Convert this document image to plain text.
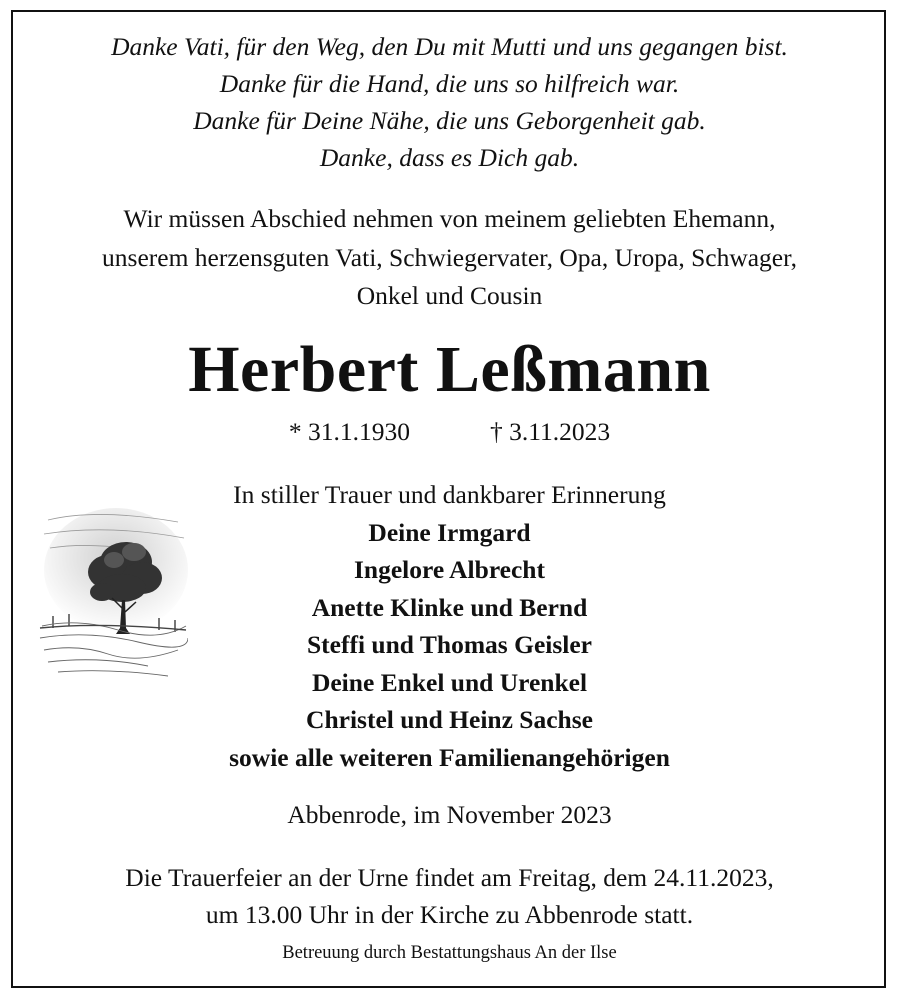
Danke Vati, für den Weg, den Du mit Mutti und uns gegangen bist.
Danke für die Hand, die uns so hilfreich war.
Danke für Deine Nähe, die uns Geborgenheit gab.
Danke, dass es Dich gab.
Wir müssen Abschied nehmen von meinem geliebten Ehemann,
unserem herzensguten Vati, Schwiegervater, Opa, Uropa, Schwager,
Onkel und Cousin
Herbert Leßmann
* 31.1.1930	† 3.11.2023
In stiller Trauer und dankbarer Erinnerung
Deine Irmgard
Ingelore Albrecht
Anette Klinke und Bernd
Steffi und Thomas Geisler
Deine Enkel und Urenkel
Christel und Heinz Sachse
sowie alle weiteren Familienangehörigen
Abbenrode, im November 2023
Die Trauerfeier an der Urne findet am Freitag, dem 24.11.2023,
um 13.00 Uhr in der Kirche zu Abbenrode statt.
Betreuung durch Bestattungshaus An der Ilse
